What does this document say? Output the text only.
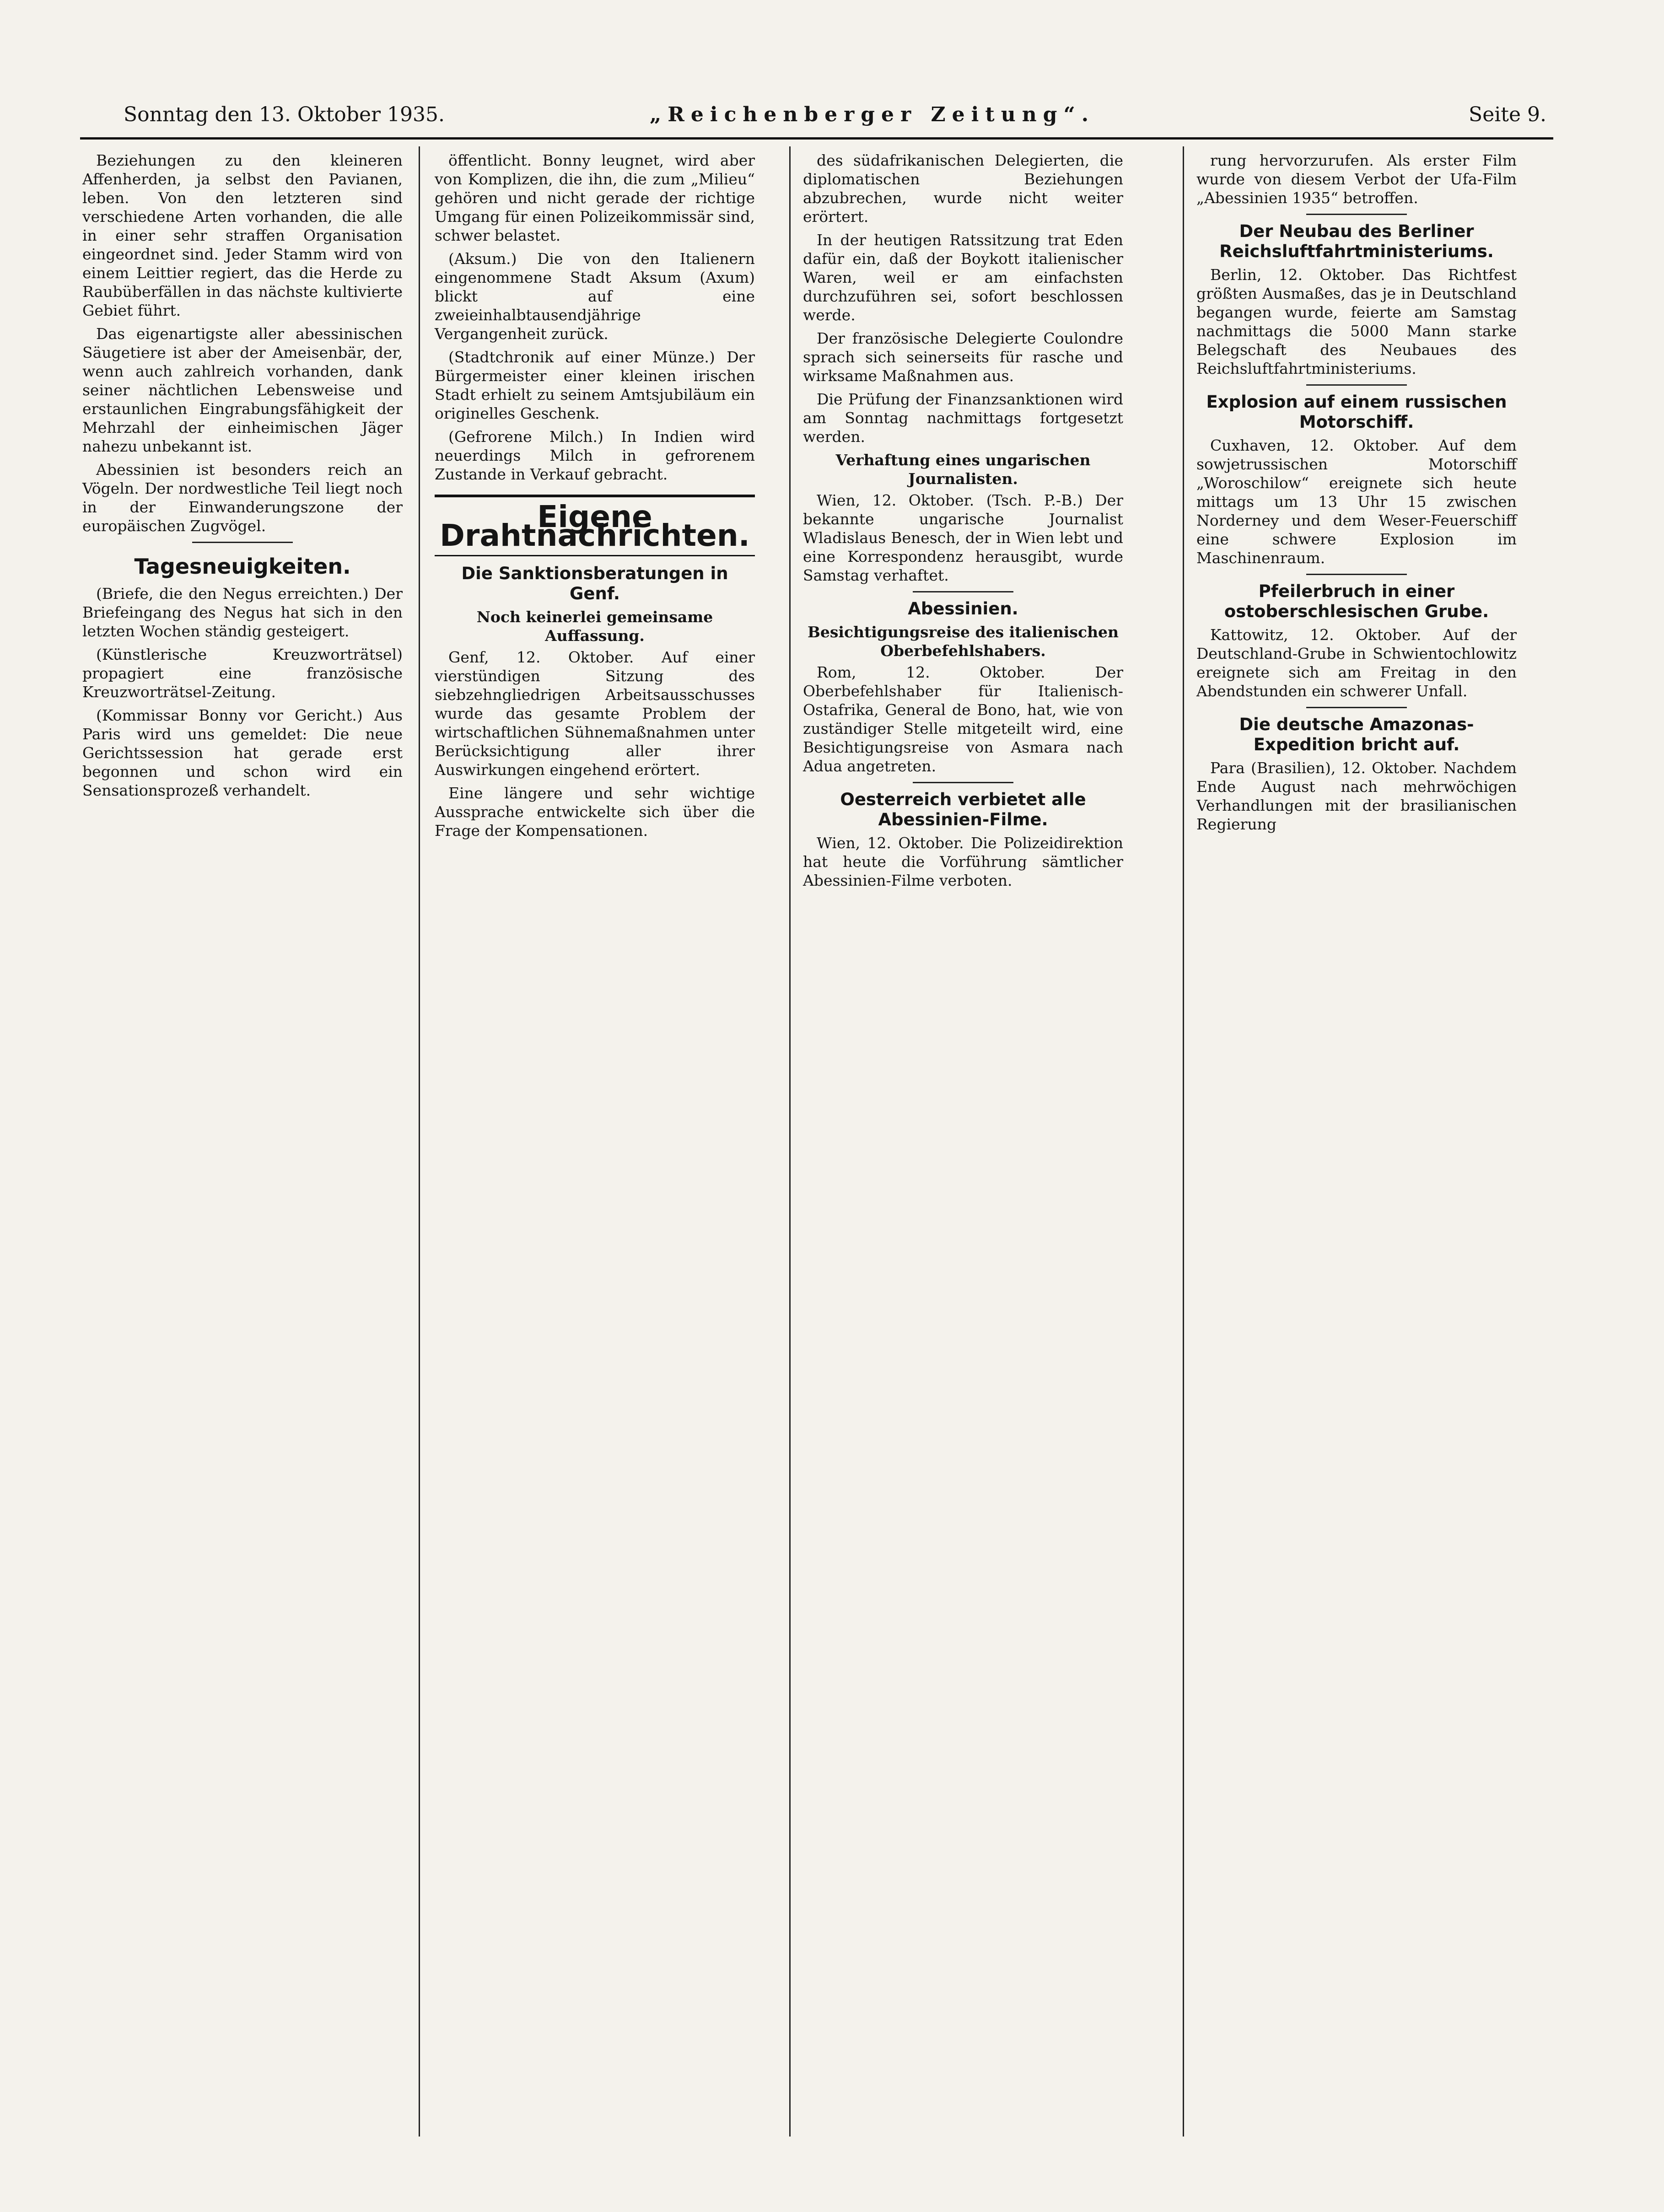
Sonntag den 13. Oktober 1935.	„Reichenberger Zeitung“.	Seite 9.

Beziehungen zu den kleineren Affenherden, ja selbst den Pavianen, leben. Von den letzteren sind verschiedene Arten vorhanden, die alle in einer sehr straffen Organisation eingeordnet sind. Jeder Stamm wird von einem Leittier regiert, das die Herde zu Raubüberfällen in das nächste kultivierte Gebiet führt.

Das eigenartigste aller abessinischen Säugetiere ist aber der Ameisenbär, der, wenn auch zahlreich vorhanden, dank seiner nächtlichen Lebensweise und erstaunlichen Eingrabungsfähigkeit der Mehrzahl der einheimischen Jäger nahezu unbekannt ist.

Abessinien ist besonders reich an Vögeln. Der nordwestliche Teil liegt noch in der Einwanderungszone der europäischen Zugvögel.

Tagesneuigkeiten.

(Briefe, die den Negus erreichten.) Der Briefeingang des Negus hat sich in den letzten Wochen ständig gesteigert.

(Künstlerische Kreuzworträtsel) propagiert eine französische Kreuzworträtsel-Zeitung.

(Kommissar Bonny vor Gericht.) Aus Paris wird uns gemeldet: Die neue Gerichtssession hat gerade erst begonnen und schon wird ein Sensationsprozeß verhandelt.

öffentlicht. Bonny leugnet, wird aber von Komplizen, die ihn, die zum „Milieu“ gehören und nicht gerade der richtige Umgang für einen Polizeikommissär sind, schwer belastet.

(Aksum.) Die von den Italienern eingenommene Stadt Aksum (Axum) blickt auf eine zweieinhalbtausendjährige Vergangenheit zurück.

(Stadtchronik auf einer Münze.) Der Bürgermeister einer kleinen irischen Stadt erhielt zu seinem Amtsjubiläum ein originelles Geschenk.

(Gefrorene Milch.) In Indien wird neuerdings Milch in gefrorenem Zustande in Verkauf gebracht.

Eigene Drahtnachrichten.
Die Sanktionsberatungen in Genf.
Noch keinerlei gemeinsame Auffassung.

Genf, 12. Oktober. Auf einer vierstündigen Sitzung des siebzehngliedrigen Arbeitsausschusses wurde das gesamte Problem der wirtschaftlichen Sühnemaßnahmen unter Berücksichtigung aller ihrer Auswirkungen eingehend erörtert.

Eine längere und sehr wichtige Aussprache entwickelte sich über die Frage der Kompensationen.

des südafrikanischen Delegierten, die diplomatischen Beziehungen abzubrechen, wurde nicht weiter erörtert.

In der heutigen Ratssitzung trat Eden dafür ein, daß der Boykott italienischer Waren, weil er am einfachsten durchzuführen sei, sofort beschlossen werde.

Der französische Delegierte Coulondre sprach sich seinerseits für rasche und wirksame Maßnahmen aus.

Die Prüfung der Finanzsanktionen wird am Sonntag nachmittags fortgesetzt werden.

Verhaftung eines ungarischen Journalisten.

Wien, 12. Oktober. (Tsch. P.-B.) Der bekannte ungarische Journalist Wladislaus Benesch, der in Wien lebt und eine Korrespondenz herausgibt, wurde Samstag verhaftet.

Abessinien.
Besichtigungsreise des italienischen Oberbefehlshabers.

Rom, 12. Oktober. Der Oberbefehlshaber für Italienisch-Ostafrika, General de Bono, hat, wie von zuständiger Stelle mitgeteilt wird, eine Besichtigungsreise von Asmara nach Adua angetreten.

Oesterreich verbietet alle Abessinien-Filme.

Wien, 12. Oktober. Die Polizeidirektion hat heute die Vorführung sämtlicher Abessinien-Filme verboten.

rung hervorzurufen. Als erster Film wurde von diesem Verbot der Ufa-Film „Abessinien 1935“ betroffen.

Der Neubau des Berliner Reichsluftfahrtministeriums.

Berlin, 12. Oktober. Das Richtfest größten Ausmaßes, das je in Deutschland begangen wurde, feierte am Samstag nachmittags die 5000 Mann starke Belegschaft des Neubaues des Reichsluftfahrtministeriums.

Explosion auf einem russischen Motorschiff.

Cuxhaven, 12. Oktober. Auf dem sowjetrussischen Motorschiff „Woroschilow“ ereignete sich heute mittags um 13 Uhr 15 zwischen Norderney und dem Weser-Feuerschiff eine schwere Explosion im Maschinenraum.

Pfeilerbruch in einer ostoberschlesischen Grube.

Kattowitz, 12. Oktober. Auf der Deutschland-Grube in Schwientochlowitz ereignete sich am Freitag in den Abendstunden ein schwerer Unfall.

Die deutsche Amazonas-Expedition bricht auf.

Para (Brasilien), 12. Oktober. Nachdem Ende August nach mehrwöchigen Verhandlungen mit der brasilianischen Regierung
